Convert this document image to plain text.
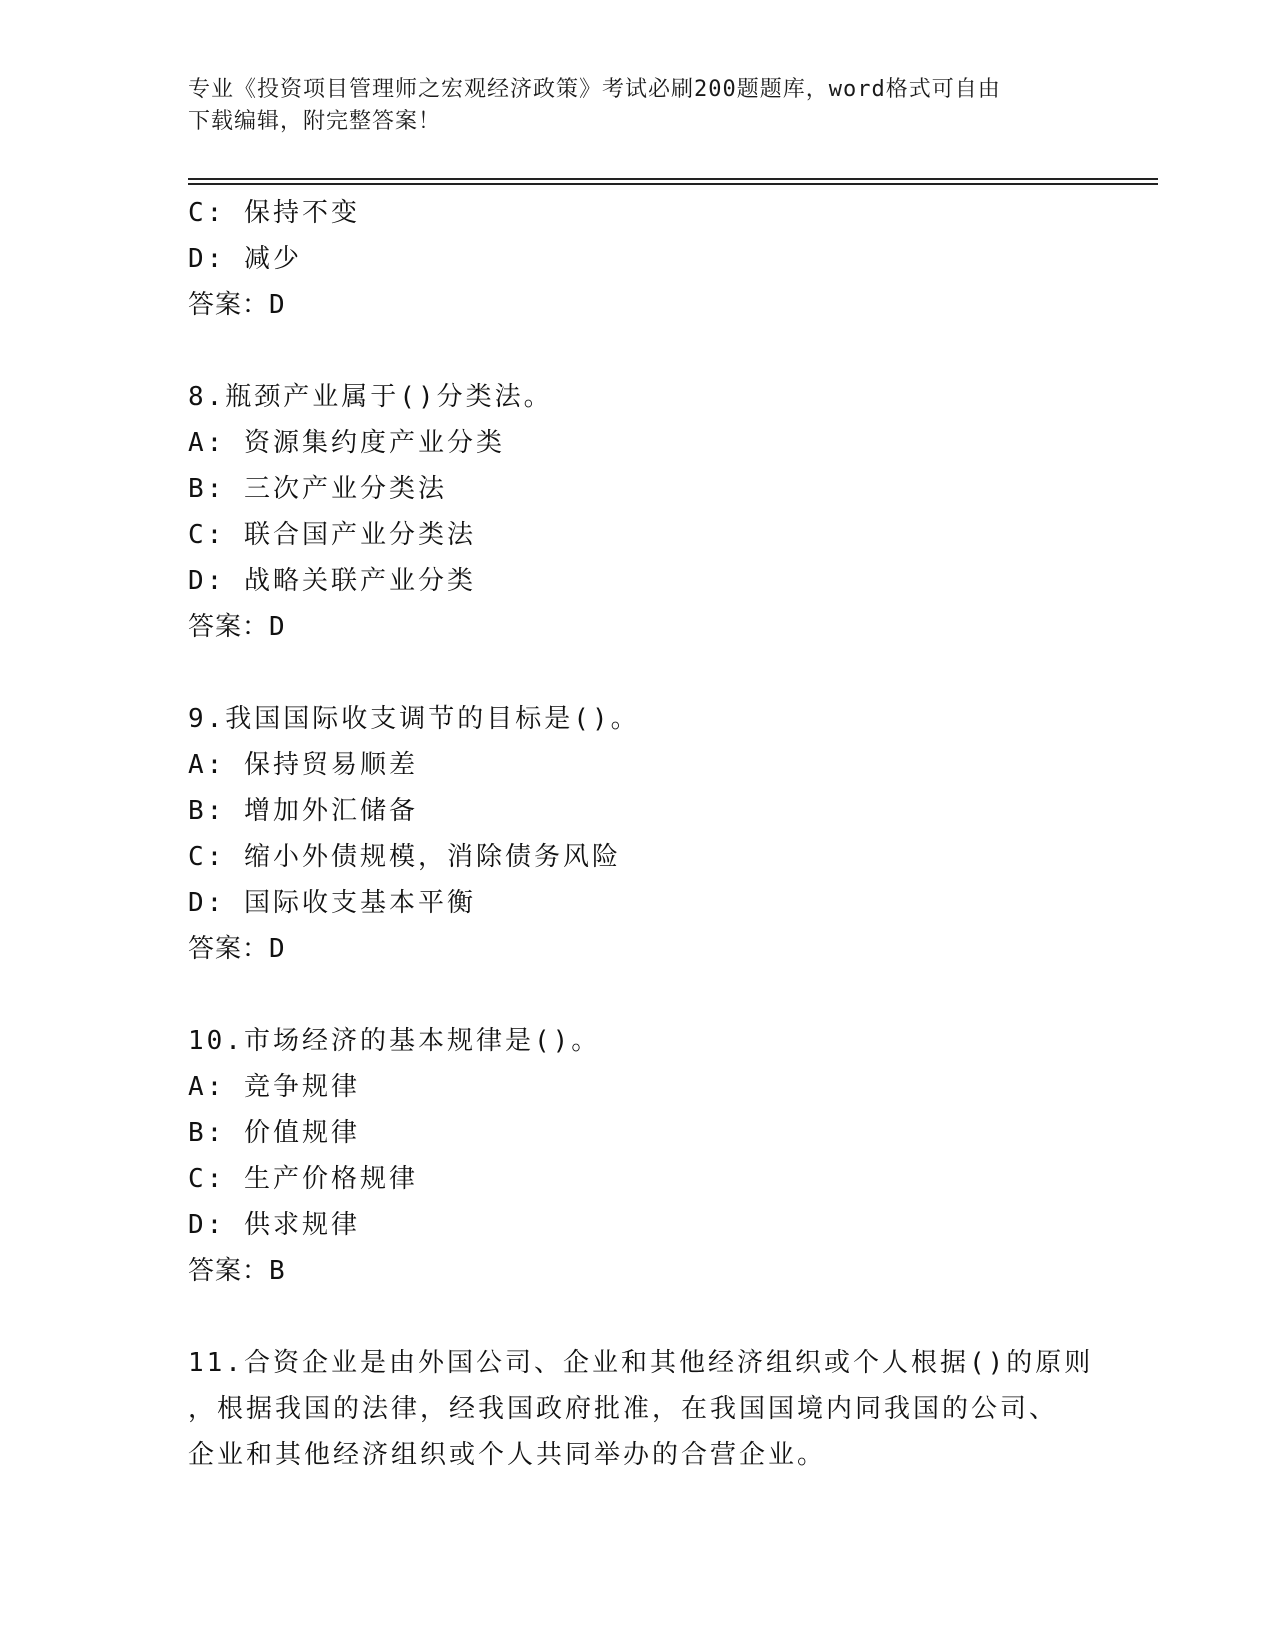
专业《投资项目管理师之宏观经济政策》考试必刷200题题库，word格式可自由
下载编辑，附完整答案！
C: 保持不变
D: 减少
答案：D
8.瓶颈产业属于()分类法。
A: 资源集约度产业分类
B: 三次产业分类法
C: 联合国产业分类法
D: 战略关联产业分类
答案：D
9.我国国际收支调节的目标是()。
A: 保持贸易顺差
B: 增加外汇储备
C: 缩小外债规模，消除债务风险
D: 国际收支基本平衡
答案：D
10.市场经济的基本规律是()。
A: 竞争规律
B: 价值规律
C: 生产价格规律
D: 供求规律
答案：B
11.合资企业是由外国公司、企业和其他经济组织或个人根据()的原则
，根据我国的法律，经我国政府批准，在我国国境内同我国的公司、
企业和其他经济组织或个人共同举办的合营企业。
